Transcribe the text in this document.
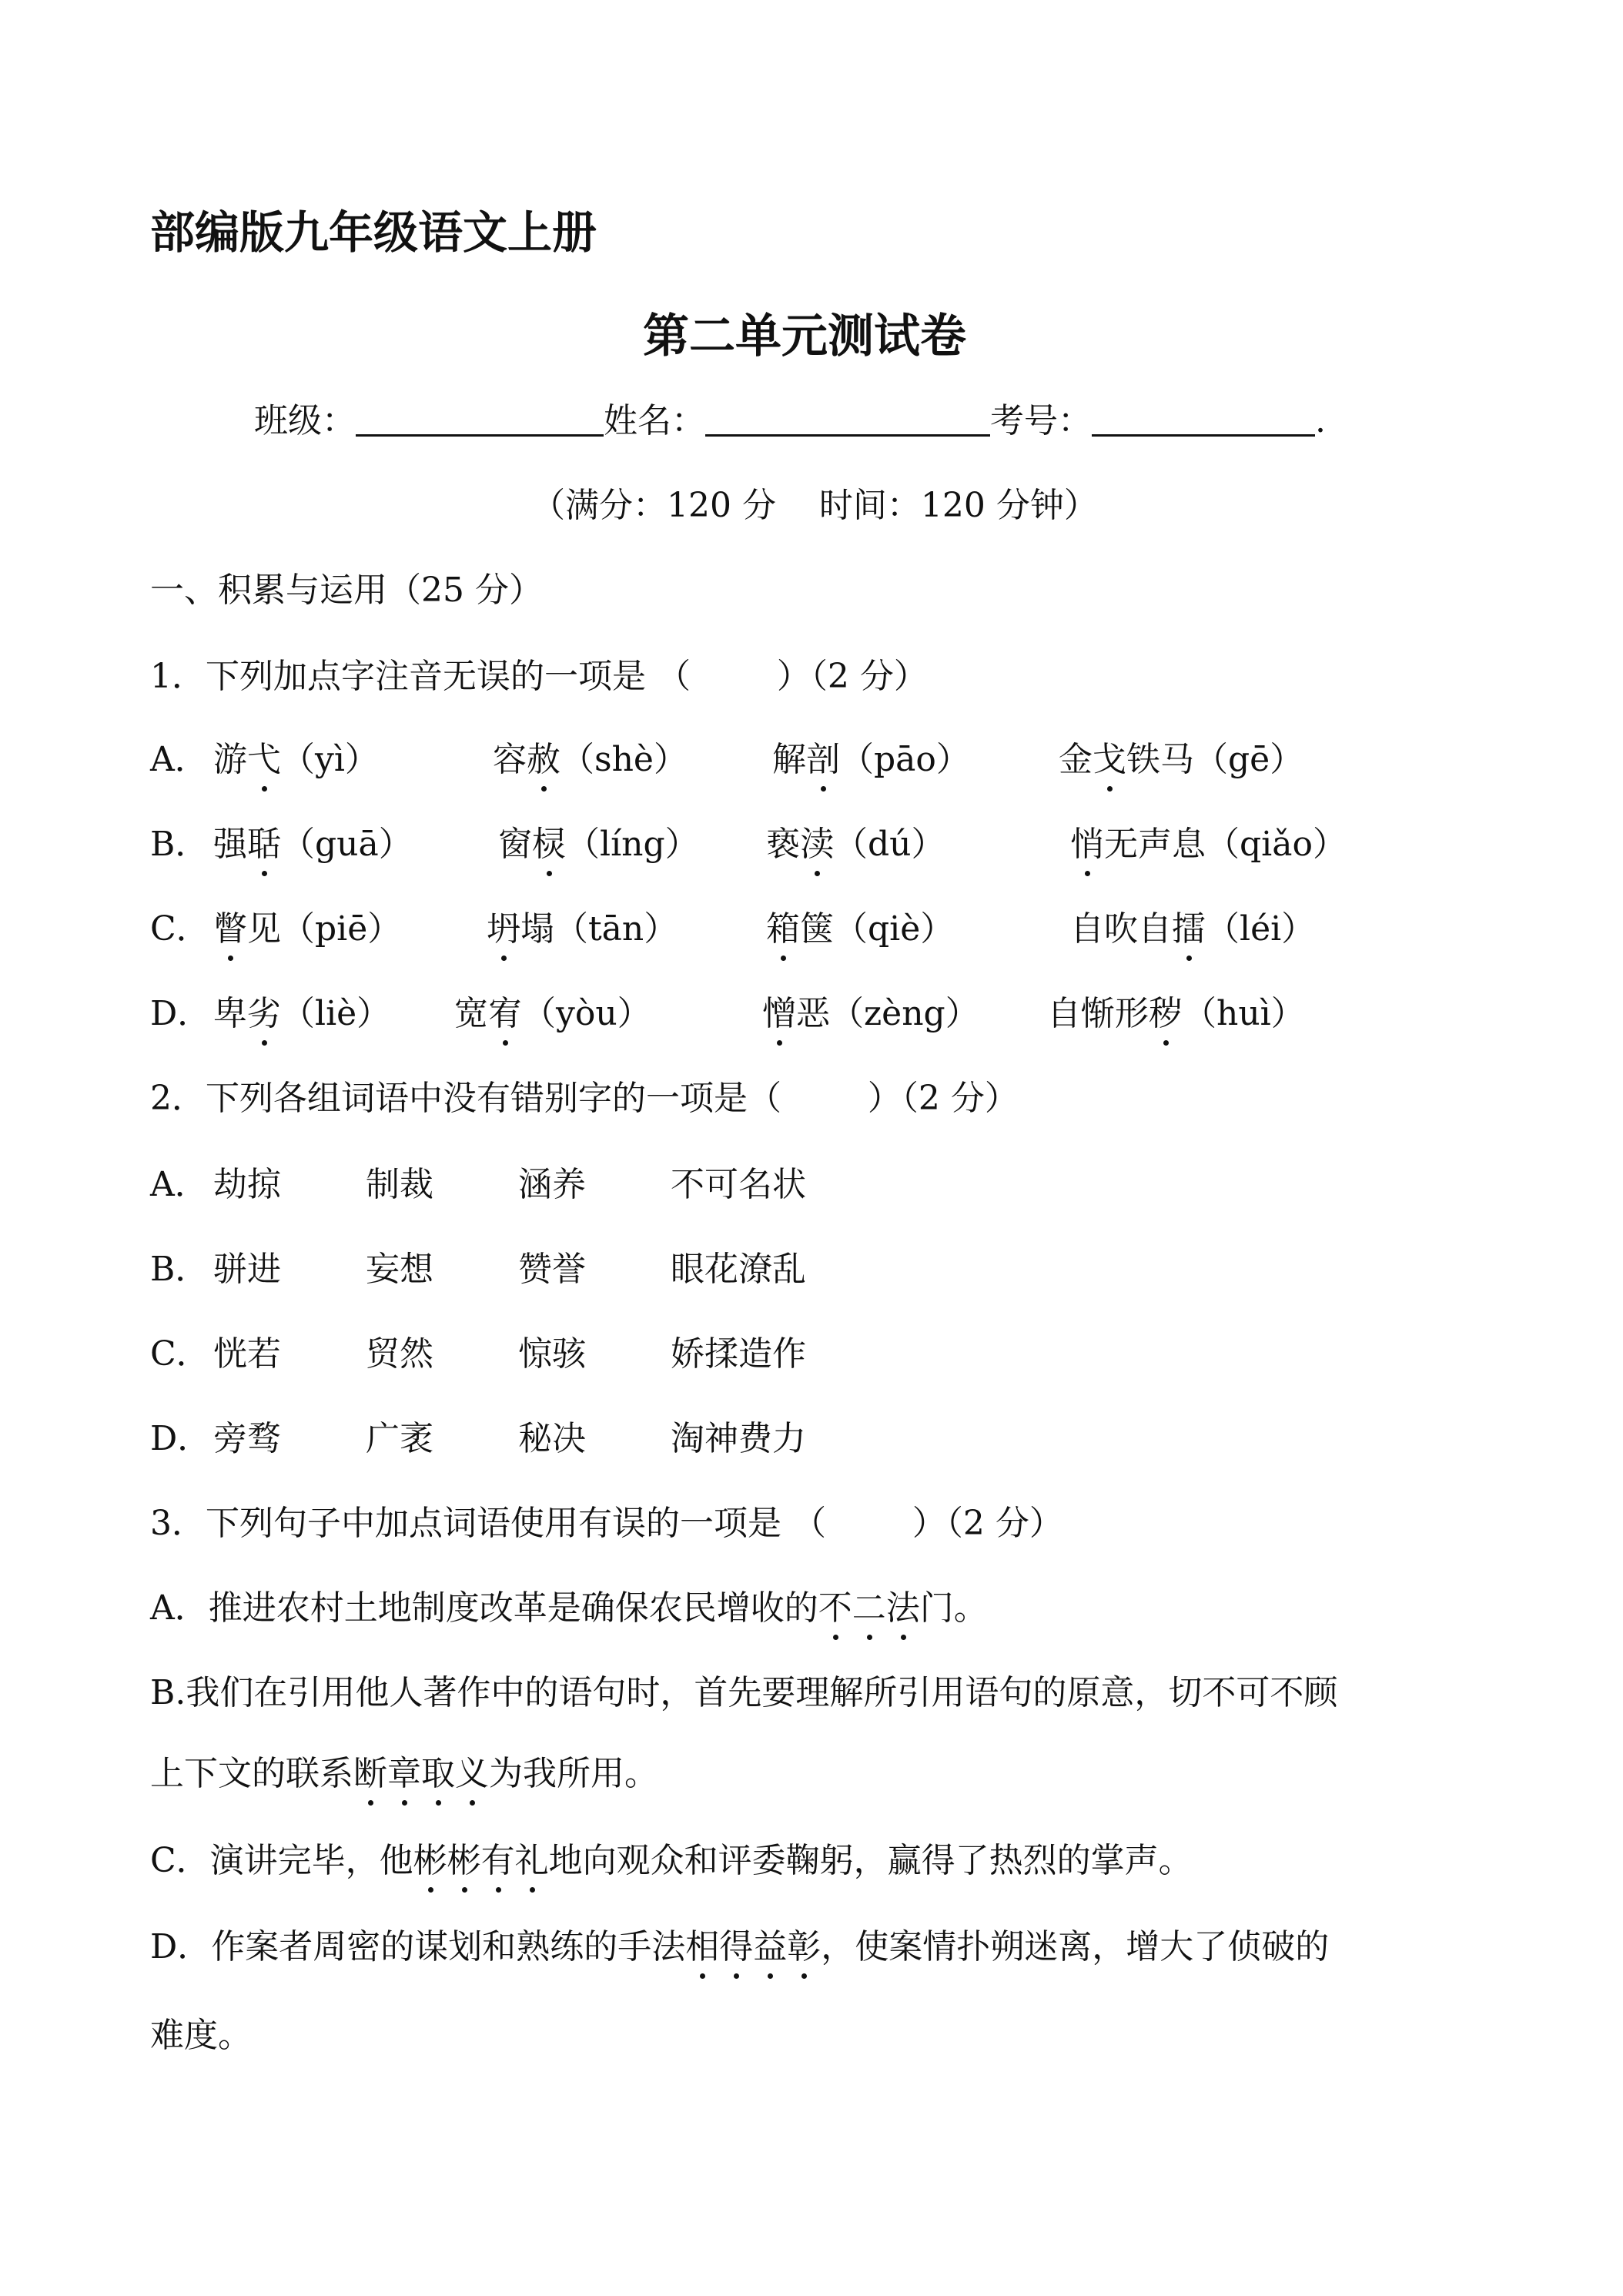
部编版九年级语文上册
第二单元测试卷
班级：	姓名：	考号：	.
（满分：120 分    时间：120 分钟）
一、积累与运用（25 分）
1．下列加点字注音无误的一项是 （        ）（2 分）
A． 游弋（yì）	容赦（shè）	解剖（pāo）	金戈铁马（gē）
B． 强聒（guā）	窗棂（líng） 亵渎（dú）	悄无声息（qiǎo）
C． 瞥见（piē）	坍塌（tān）	箱箧（qiè）	自吹自擂（léi）
D． 卑劣（liè） 宽宥（yòu）	憎恶（zèng） 自惭形秽（huì）
2．下列各组词语中没有错别字的一项是（        ）（2 分）
A． 劫掠	制裁	涵养	不可名状
B． 骈进	妄想	赞誉	眼花潦乱
C． 恍若	贸然	惊骇	娇揉造作
D． 旁骛	广袤	秘决	淘神费力
3．下列句子中加点词语使用有误的一项是 （        ）（2 分）
A．推进农村土地制度改革是确保农民增收的不二法门。
B.我们在引用他人著作中的语句时，首先要理解所引用语句的原意，切不可不顾
上下文的联系断章取义为我所用。
C．演讲完毕，他彬彬有礼地向观众和评委鞠躬，赢得了热烈的掌声。
D．作案者周密的谋划和熟练的手法相得益彰，使案情扑朔迷离，增大了侦破的
难度。
